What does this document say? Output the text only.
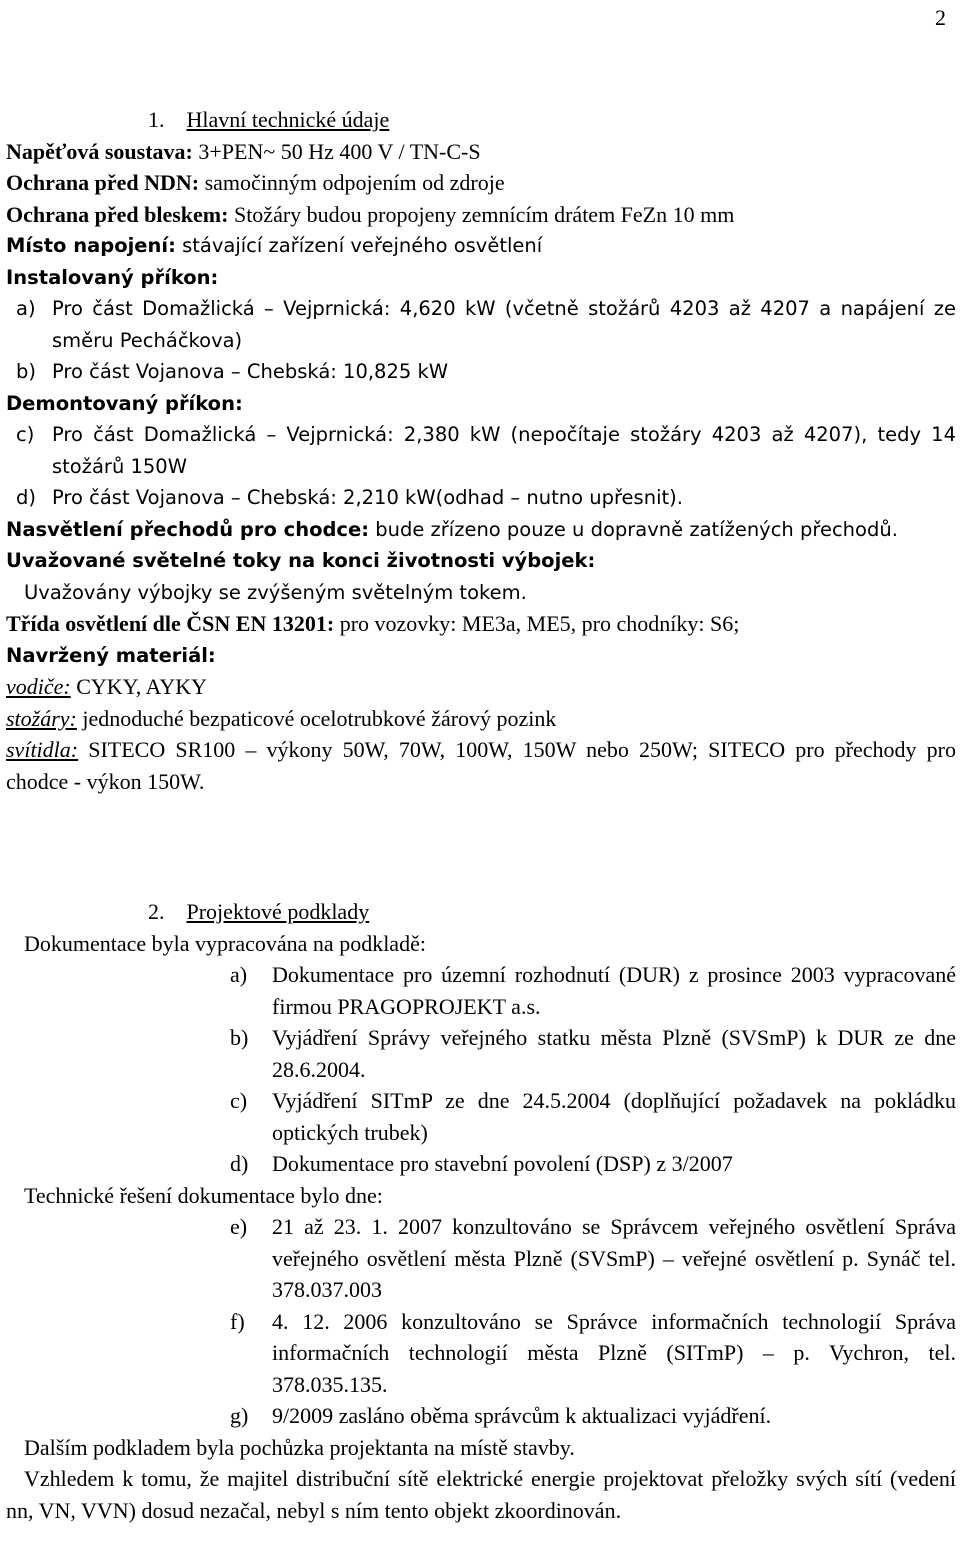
2
1. Hlavní technické údaje
Napěťová soustava: 3+PEN~ 50 Hz 400 V / TN-C-S
Ochrana před NDN: samočinným odpojením od zdroje
Ochrana před bleskem: Stožáry budou propojeny zemnícím drátem FeZn 10 mm
Místo napojení: stávající zařízení veřejného osvětlení
Instalovaný příkon:
a) Pro část Domažlická – Vejprnická: 4,620 kW (včetně stožárů 4203 až 4207 a napájení ze směru Pecháčkova)
b) Pro část Vojanova – Chebská: 10,825 kW
Demontovaný příkon:
c) Pro část Domažlická – Vejprnická: 2,380 kW (nepočítaje stožáry 4203 až 4207), tedy 14 stožárů 150W
d) Pro část Vojanova – Chebská: 2,210 kW(odhad – nutno upřesnit).
Nasvětlení přechodů pro chodce: bude zřízeno pouze u dopravně zatížených přechodů.
Uvažované světelné toky na konci životnosti výbojek:
Uvažovány výbojky se zvýšeným světelným tokem.
Třída osvětlení dle ČSN EN 13201: pro vozovky: ME3a, ME5, pro chodníky: S6;
Navržený materiál:
vodiče: CYKY, AYKY
stožáry: jednoduché bezpaticové ocelotrubkové žárový pozink
svítidla: SITECO SR100 – výkony 50W, 70W, 100W, 150W nebo 250W; SITECO pro přechody pro chodce - výkon 150W.
2. Projektové podklady
Dokumentace byla vypracována na podkladě:
a)	Dokumentace pro územní rozhodnutí (DUR) z prosince 2003 vypracované firmou PRAGOPROJEKT a.s.
b)	Vyjádření Správy veřejného statku města Plzně (SVSmP) k DUR ze dne 28.6.2004.
c)	Vyjádření SITmP ze dne 24.5.2004 (doplňující požadavek na pokládku optických trubek)
d)	Dokumentace pro stavební povolení (DSP) z 3/2007
Technické řešení dokumentace bylo dne:
e)	21 až 23. 1. 2007 konzultováno se Správcem veřejného osvětlení Správa veřejného osvětlení města Plzně (SVSmP) – veřejné osvětlení p. Synáč tel. 378.037.003
f)	4. 12. 2006 konzultováno se Správce informačních technologií Správa informačních technologií města Plzně (SITmP) – p. Vychron, tel. 378.035.135.
g)	9/2009 zasláno oběma správcům k aktualizaci vyjádření.
Dalším podkladem byla pochůzka projektanta na místě stavby.
Vzhledem k tomu, že majitel distribuční sítě elektrické energie projektovat přeložky svých sítí (vedení nn, VN, VVN) dosud nezačal, nebyl s ním tento objekt zkoordinován.
